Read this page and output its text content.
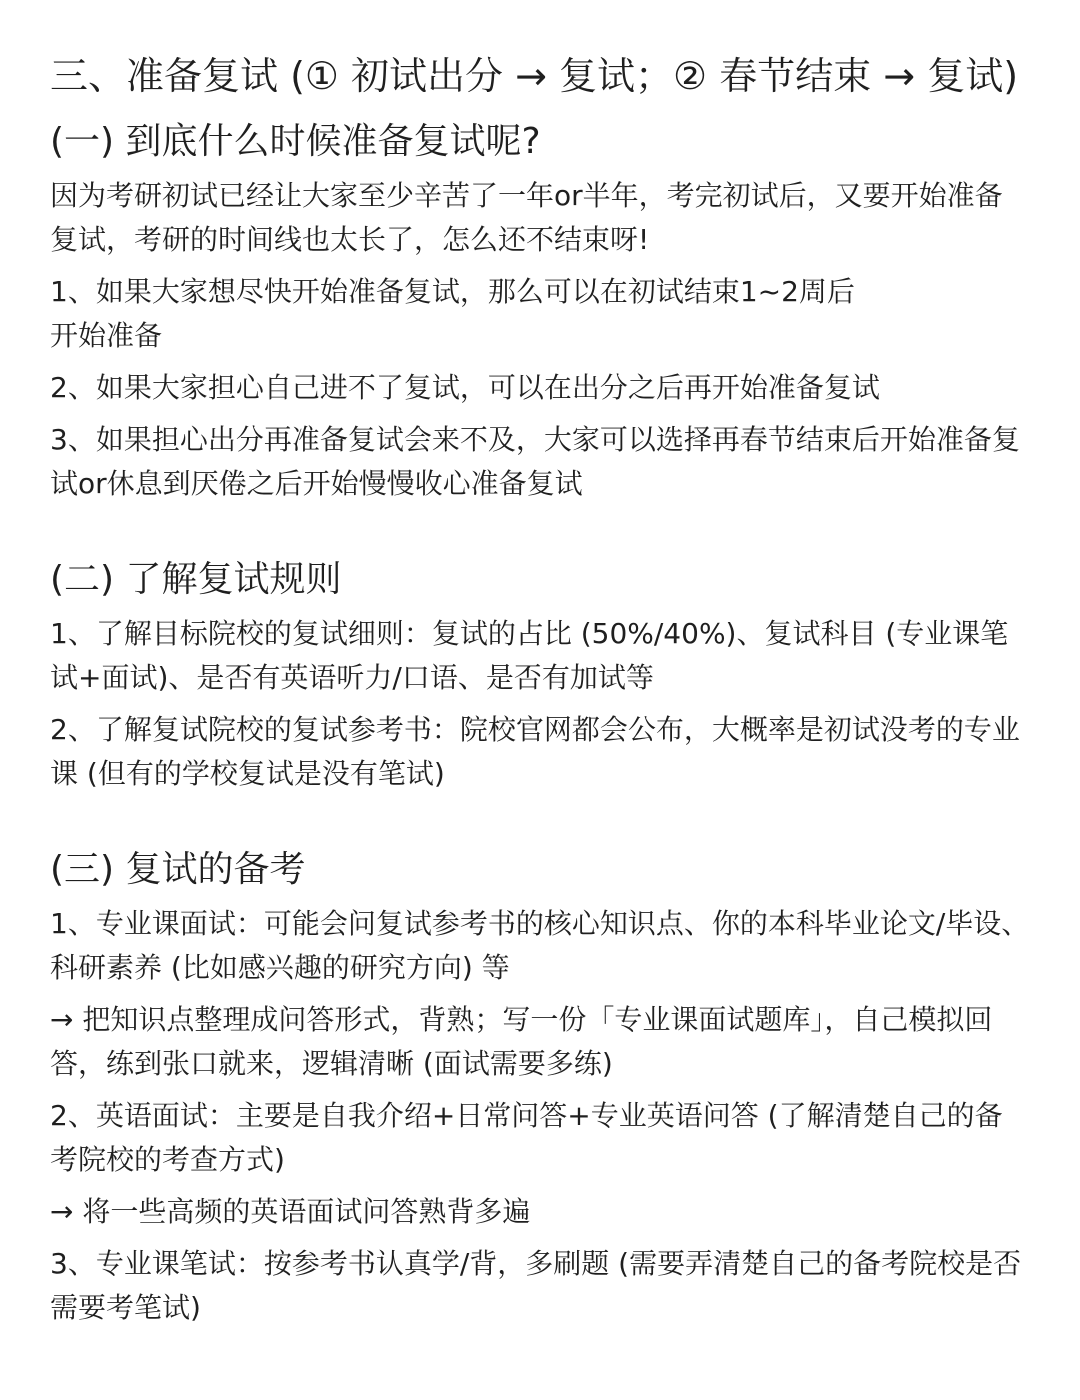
三、准备复试 (① 初试出分 → 复试；② 春节结束 → 复试)
(一) 到底什么时候准备复试呢?

因为考研初试已经让大家至少辛苦了一年or半年，考完初试后，又要开始准备复试，考研的时间线也太长了，怎么还不结束呀!

1、如果大家想尽快开始准备复试，那么可以在初试结束1~2周后
开始准备

2、如果大家担心自己进不了复试，可以在出分之后再开始准备复试

3、如果担心出分再准备复试会来不及，大家可以选择再春节结束后开始准备复试or休息到厌倦之后开始慢慢收心准备复试

(二) 了解复试规则

1、了解目标院校的复试细则：复试的占比 (50%/40%)、复试科目 (专业课笔试+面试)、是否有英语听力/口语、是否有加试等

2、了解复试院校的复试参考书：院校官网都会公布，大概率是初试没考的专业课 (但有的学校复试是没有笔试)

(三) 复试的备考

1、专业课面试：可能会问复试参考书的核心知识点、你的本科毕业论文/毕设、科研素养 (比如感兴趣的研究方向) 等

→ 把知识点整理成问答形式，背熟；写一份「专业课面试题库」，自己模拟回答，练到张口就来，逻辑清晰 (面试需要多练)

2、英语面试：主要是自我介绍+日常问答+专业英语问答 (了解清楚自己的备考院校的考查方式)

→ 将一些高频的英语面试问答熟背多遍

3、专业课笔试：按参考书认真学/背，多刷题 (需要弄清楚自己的备考院校是否需要考笔试)
